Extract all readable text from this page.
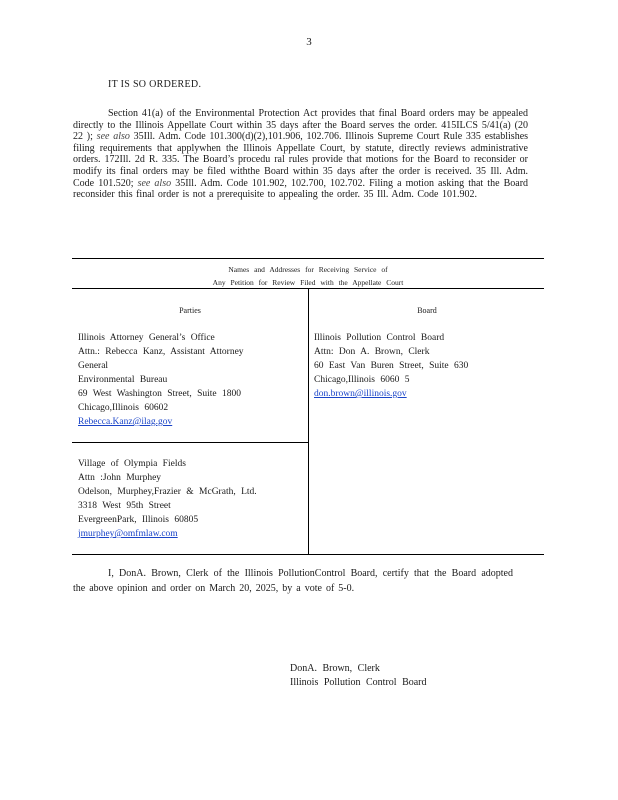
3
IT IS SO ORDERED.
Section 41(a) of the Environmental Protection Act provides that final Board orders may be appealed directly to the Illinois Appellate Court within 35 days after the Board serves the order. 415ILCS 5/41(a) (20 22 ); see also 35Ill. Adm. Code 101.300(d)(2),101.906, 102.706. Illinois Supreme Court Rule 335 establishes filing requirements that applywhen the Illinois Appellate Court, by statute, directly reviews administrative orders. 172Ill. 2d R. 335. The Board’s procedu ral rules provide that motions for the Board to reconsider or modify its final orders may be filed withthe Board within 35 days after the order is received. 35 Ill. Adm. Code 101.520; see also 35Ill. Adm. Code 101.902, 102.700, 102.702. Filing a motion asking that the Board reconsider this final order is not a prerequisite to appealing the order. 35 Ill. Adm. Code 101.902.
Names and Addresses for Receiving Service of
Any Petition for Review Filed with the Appellate Court
Parties	Board
Illinois Attorney General’s Office
Attn.: Rebecca Kanz, Assistant Attorney
General
Environmental Bureau
69 West Washington Street, Suite 1800
Chicago,Illinois 60602
Rebecca.Kanz@ilag.gov
Illinois Pollution Control Board
Attn: Don A. Brown, Clerk
60 East Van Buren Street, Suite 630
Chicago,Illinois 6060 5
don.brown@illinois.gov
Village of Olympia Fields
Attn :John Murphey
Odelson, Murphey,Frazier & McGrath, Ltd.
3318 West 95th Street
EvergreenPark, Illinois 60805
jmurphey@omfmlaw.com
I, DonA. Brown, Clerk of the Illinois PollutionControl Board, certify that the Board adopted the above opinion and order on March 20, 2025, by a vote of 5-0.
DonA. Brown, Clerk
Illinois Pollution Control Board
